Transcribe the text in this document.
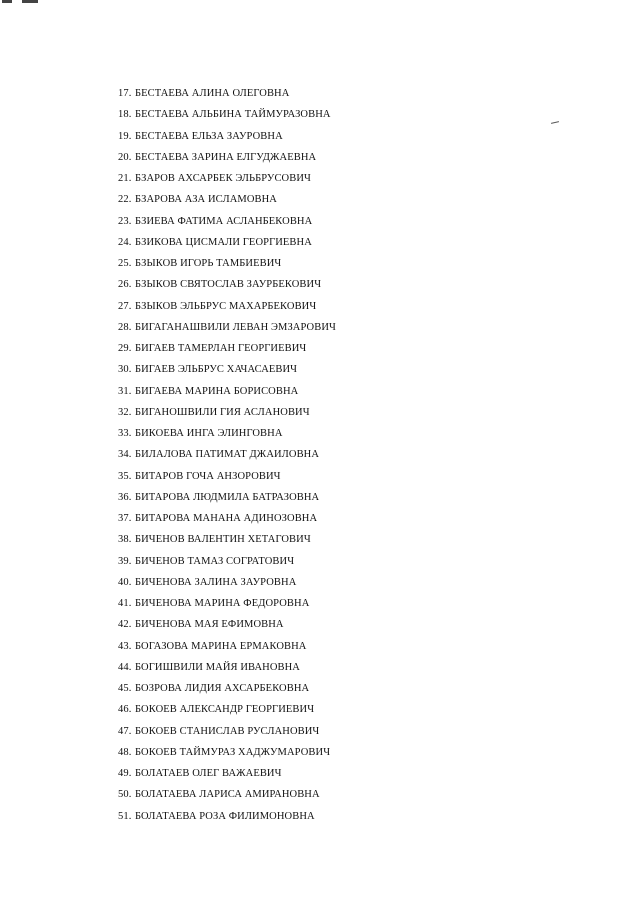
17. БЕСТАЕВА АЛИНА ОЛЕГОВНА
18. БЕСТАЕВА АЛЬБИНА ТАЙМУРАЗОВНА
19. БЕСТАЕВА ЕЛЬЗА ЗАУРОВНА
20. БЕСТАЕВА ЗАРИНА ЕЛГУДЖАЕВНА
21. БЗАРОВ АХСАРБЕК ЭЛЬБРУСОВИЧ
22. БЗАРОВА АЗА ИСЛАМОВНА
23. БЗИЕВА ФАТИМА АСЛАНБЕКОВНА
24. БЗИКОВА ЦИСМАЛИ ГЕОРГИЕВНА
25. БЗЫКОВ ИГОРЬ ТАМБИЕВИЧ
26. БЗЫКОВ СВЯТОСЛАВ ЗАУРБЕКОВИЧ
27. БЗЫКОВ ЭЛЬБРУС МАХАРБЕКОВИЧ
28. БИГАГАНАШВИЛИ ЛЕВАН ЭМЗАРОВИЧ
29. БИГАЕВ ТАМЕРЛАН ГЕОРГИЕВИЧ
30. БИГАЕВ ЭЛЬБРУС ХАЧАСАЕВИЧ
31. БИГАЕВА МАРИНА БОРИСОВНА
32. БИГАНОШВИЛИ ГИЯ АСЛАНОВИЧ
33. БИКОЕВА ИНГА ЭЛИНГОВНА
34. БИЛАЛОВА ПАТИМАТ ДЖАИЛОВНА
35. БИТАРОВ ГОЧА АНЗОРОВИЧ
36. БИТАРОВА ЛЮДМИЛА БАТРАЗОВНА
37. БИТАРОВА МАНАНА АДИНОЗОВНА
38. БИЧЕНОВ ВАЛЕНТИН ХЕТАГОВИЧ
39. БИЧЕНОВ ТАМАЗ СОГРАТОВИЧ
40. БИЧЕНОВА ЗАЛИНА ЗАУРОВНА
41. БИЧЕНОВА МАРИНА ФЕДОРОВНА
42. БИЧЕНОВА МАЯ ЕФИМОВНА
43. БОГАЗОВА МАРИНА ЕРМАКОВНА
44. БОГИШВИЛИ МАЙЯ ИВАНОВНА
45. БОЗРОВА ЛИДИЯ АХСАРБЕКОВНА
46. БОКОЕВ АЛЕКСАНДР ГЕОРГИЕВИЧ
47. БОКОЕВ СТАНИСЛАВ РУСЛАНОВИЧ
48. БОКОЕВ ТАЙМУРАЗ ХАДЖУМАРОВИЧ
49. БОЛАТАЕВ ОЛЕГ ВАЖАЕВИЧ
50. БОЛАТАЕВА ЛАРИСА АМИРАНОВНА
51. БОЛАТАЕВА РОЗА ФИЛИМОНОВНА
